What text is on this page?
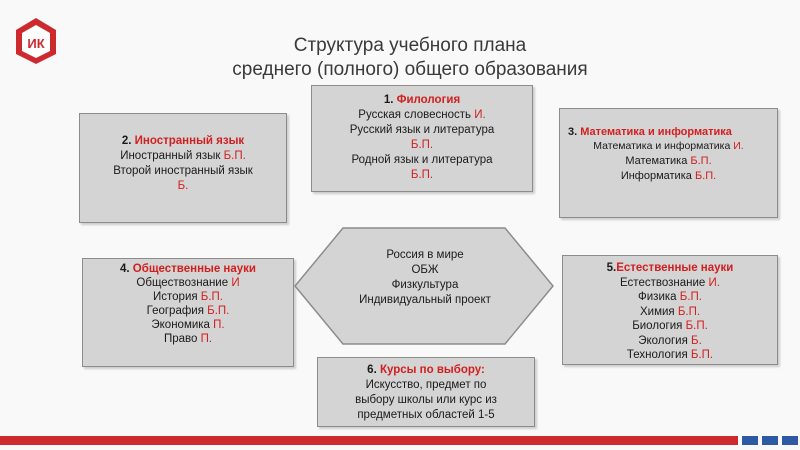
ИК	Структура учебного плана
среднего (полного) общего образования
1. Филология
Русская словесность И.
Русский язык и литература
Б.П.
Родной язык и литература
Б.П.
2. Иностранный язык
Иностранный язык Б.П.
Второй иностранный язык Б.
3. Математика и информатика
Математика и информатика И.
Математика Б.П.
Информатика Б.П.
4. Общественные науки
Обществознание И
История Б.П.
География Б.П.
Экономика П.
Право П.
5.Естественные науки
Естествознание И.
Физика Б.П.
Химия Б.П.
Биология Б.П.
Экология Б.
Технология Б.П.
6. Курсы по выбору:
Искусство, предмет по
выбору школы или курс из
предметных областей 1-5
Россия в мире
ОБЖ
Физкультура
Индивидуальный проект
